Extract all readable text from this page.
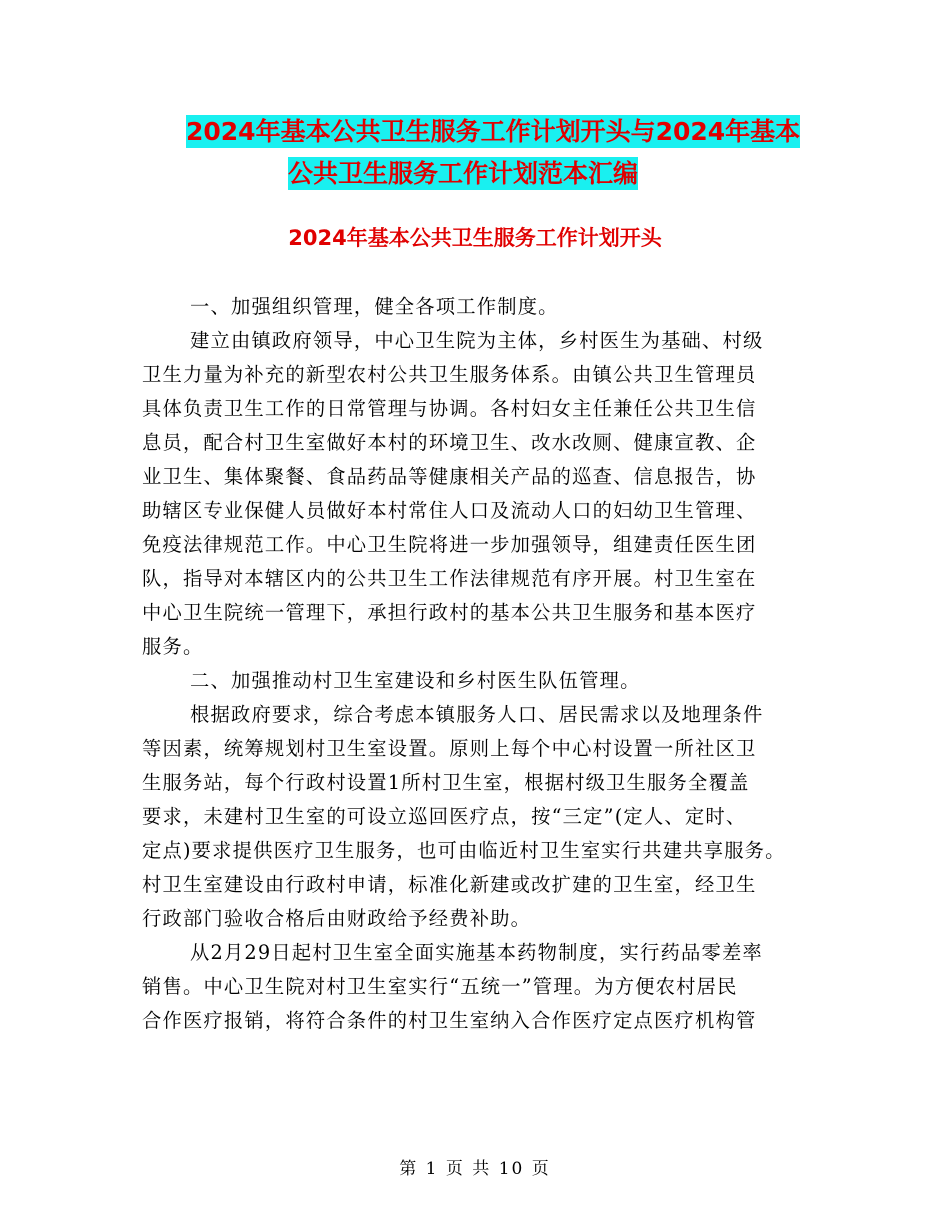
2024年基本公共卫生服务工作计划开头与2024年基本
公共卫生服务工作计划范本汇编
2024年基本公共卫生服务工作计划开头
一、加强组织管理，健全各项工作制度。
建立由镇政府领导，中心卫生院为主体，乡村医生为基础、村级
卫生力量为补充的新型农村公共卫生服务体系。由镇公共卫生管理员
具体负责卫生工作的日常管理与协调。各村妇女主任兼任公共卫生信
息员，配合村卫生室做好本村的环境卫生、改水改厕、健康宣教、企
业卫生、集体聚餐、食品药品等健康相关产品的巡查、信息报告，协
助辖区专业保健人员做好本村常住人口及流动人口的妇幼卫生管理、
免疫法律规范工作。中心卫生院将进一步加强领导，组建责任医生团
队，指导对本辖区内的公共卫生工作法律规范有序开展。村卫生室在
中心卫生院统一管理下，承担行政村的基本公共卫生服务和基本医疗
服务。
二、加强推动村卫生室建设和乡村医生队伍管理。
根据政府要求，综合考虑本镇服务人口、居民需求以及地理条件
等因素，统筹规划村卫生室设置。原则上每个中心村设置一所社区卫
生服务站，每个行政村设置1所村卫生室，根据村级卫生服务全覆盖
要求，未建村卫生室的可设立巡回医疗点，按“三定”(定人、定时、
定点)要求提供医疗卫生服务，也可由临近村卫生室实行共建共享服务。
村卫生室建设由行政村申请，标准化新建或改扩建的卫生室，经卫生
行政部门验收合格后由财政给予经费补助。
从2月29日起村卫生室全面实施基本药物制度，实行药品零差率
销售。中心卫生院对村卫生室实行“五统一”管理。为方便农村居民
合作医疗报销，将符合条件的村卫生室纳入合作医疗定点医疗机构管
第 1 页 共 10 页
